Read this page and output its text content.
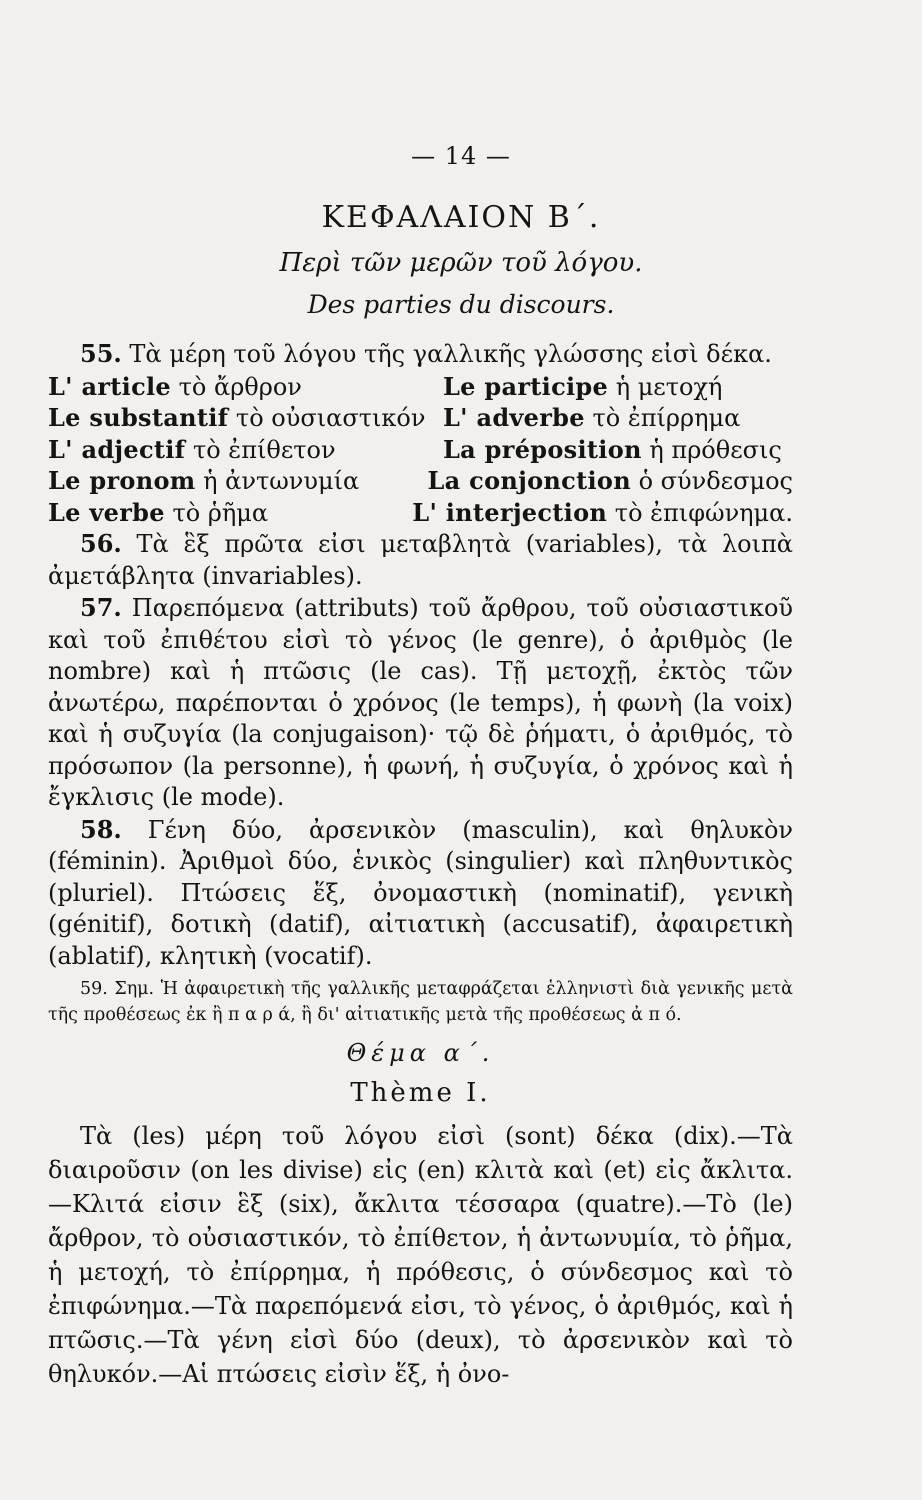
— 14 —
ΚΕΦΑΛΑΙΟΝ Β΄.
Περὶ τῶν μερῶν τοῦ λόγου.
Des parties du discours.

55. Τὰ μέρη τοῦ λόγου τῆς γαλλικῆς γλώσσης εἰσὶ δέκα.

L' article τὸ ἄρθρον	Le participe ἡ μετοχή
Le substantif τὸ οὐσιαστικόν L' adverbe τὸ ἐπίρρημα
L' adjectif τὸ ἐπίθετον	La préposition ἡ πρόθεσις
Le pronom ἡ ἀντωνυμία	La conjonction ὁ σύνδεσμος
Le verbe τὸ ῥῆμα	L' interjection τὸ ἐπιφώνημα.

56. Τὰ ἓξ πρῶτα εἰσι μεταβλητὰ (variables), τὰ λοιπὰ ἀμετάβλητα (invariables).

57. Παρεπόμενα (attributs) τοῦ ἄρθρου, τοῦ οὐσιαστικοῦ καὶ τοῦ ἐπιθέτου εἰσὶ τὸ γένος (le genre), ὁ ἀριθμὸς (le nombre) καὶ ἡ πτῶσις (le cas). Τῇ μετοχῇ, ἐκτὸς τῶν ἀνωτέρω, παρέπονται ὁ χρόνος (le temps), ἡ φωνὴ (la voix) καὶ ἡ συζυγία (la conjugaison)· τῷ δὲ ῥήματι, ὁ ἀριθμός, τὸ πρόσωπον (la personne), ἡ φωνή, ἡ συζυγία, ὁ χρόνος καὶ ἡ ἔγκλισις (le mode).

58. Γένη δύο, ἀρσενικὸν (masculin), καὶ θηλυκὸν (féminin). Ἀριθμοὶ δύο, ἑνικὸς (singulier) καὶ πληθυντικὸς (pluriel). Πτώσεις ἕξ, ὀνομαστικὴ (nominatif), γενικὴ (génitif), δοτικὴ (datif), αἰτιατικὴ (accusatif), ἀφαιρετικὴ (ablatif), κλητικὴ (vocatif).

59. Σημ. Ἡ ἀφαιρετικὴ τῆς γαλλικῆς μεταφράζεται ἑλληνιστὶ διὰ γενικῆς μετὰ τῆς προθέσεως ἐκ ἢ π α ρ ά, ἢ δι' αἰτιατικῆς μετὰ τῆς προθέσεως ἀ π ό.

Θέμα α΄.
Thème I.

Τὰ (les) μέρη τοῦ λόγου εἰσὶ (sont) δέκα (dix).—Τὰ διαιροῦσιν (on les divise) εἰς (en) κλιτὰ καὶ (et) εἰς ἄκλιτα.—Κλιτά εἰσιν ἓξ (six), ἄκλιτα τέσσαρα (quatre).—Τὸ (le) ἄρθρον, τὸ οὐσιαστικόν, τὸ ἐπίθετον, ἡ ἀντωνυμία, τὸ ῥῆμα, ἡ μετοχή, τὸ ἐπίρρημα, ἡ πρόθεσις, ὁ σύνδεσμος καὶ τὸ ἐπιφώνημα.—Τὰ παρεπόμενά εἰσι, τὸ γένος, ὁ ἀριθμός, καὶ ἡ πτῶσις.—Τὰ γένη εἰσὶ δύο (deux), τὸ ἀρσενικὸν καὶ τὸ θηλυκόν.—Αἱ πτώσεις εἰσὶν ἕξ, ἡ ὀνο-
